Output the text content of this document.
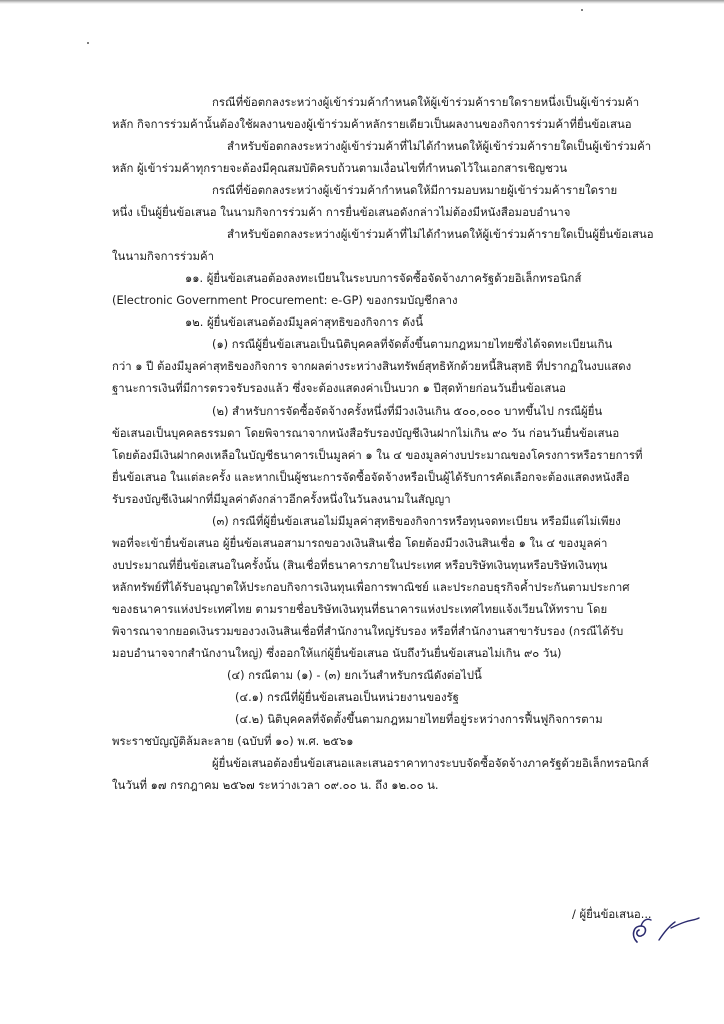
กรณีที่ข้อตกลงระหว่างผู้เข้าร่วมค้ากำหนดให้ผู้เข้าร่วมค้ารายใดรายหนึ่งเป็นผู้เข้าร่วมค้า
หลัก กิจการร่วมค้านั้นต้องใช้ผลงานของผู้เข้าร่วมค้าหลักรายเดียวเป็นผลงานของกิจการร่วมค้าที่ยื่นข้อเสนอ
สำหรับข้อตกลงระหว่างผู้เข้าร่วมค้าที่ไม่ได้กำหนดให้ผู้เข้าร่วมค้ารายใดเป็นผู้เข้าร่วมค้า
หลัก ผู้เข้าร่วมค้าทุกรายจะต้องมีคุณสมบัติครบถ้วนตามเงื่อนไขที่กำหนดไว้ในเอกสารเชิญชวน
กรณีที่ข้อตกลงระหว่างผู้เข้าร่วมค้ากำหนดให้มีการมอบหมายผู้เข้าร่วมค้ารายใดราย
หนึ่ง เป็นผู้ยื่นข้อเสนอ ในนามกิจการร่วมค้า การยื่นข้อเสนอดังกล่าวไม่ต้องมีหนังสือมอบอำนาจ
สำหรับข้อตกลงระหว่างผู้เข้าร่วมค้าที่ไม่ได้กำหนดให้ผู้เข้าร่วมค้ารายใดเป็นผู้ยื่นข้อเสนอ
ในนามกิจการร่วมค้า
๑๑. ผู้ยื่นข้อเสนอต้องลงทะเบียนในระบบการจัดซื้อจัดจ้างภาครัฐด้วยอิเล็กทรอนิกส์
(Electronic Government Procurement: e-GP) ของกรมบัญชีกลาง
๑๒. ผู้ยื่นข้อเสนอต้องมีมูลค่าสุทธิของกิจการ ดังนี้
(๑) กรณีผู้ยื่นข้อเสนอเป็นนิติบุคคลที่จัดตั้งขึ้นตามกฎหมายไทยซึ่งได้จดทะเบียนเกิน
กว่า ๑ ปี ต้องมีมูลค่าสุทธิของกิจการ จากผลต่างระหว่างสินทรัพย์สุทธิหักด้วยหนี้สินสุทธิ ที่ปรากฏในงบแสดง
ฐานะการเงินที่มีการตรวจรับรองแล้ว ซึ่งจะต้องแสดงค่าเป็นบวก ๑ ปีสุดท้ายก่อนวันยื่นข้อเสนอ
(๒) สำหรับการจัดซื้อจัดจ้างครั้งหนึ่งที่มีวงเงินเกิน ๕๐๐,๐๐๐ บาทขึ้นไป กรณีผู้ยื่น
ข้อเสนอเป็นบุคคลธรรมดา โดยพิจารณาจากหนังสือรับรองบัญชีเงินฝากไม่เกิน ๙๐ วัน ก่อนวันยื่นข้อเสนอ
โดยต้องมีเงินฝากคงเหลือในบัญชีธนาคารเป็นมูลค่า ๑ ใน ๔ ของมูลค่างบประมาณของโครงการหรือรายการที่
ยื่นข้อเสนอ ในแต่ละครั้ง และหากเป็นผู้ชนะการจัดซื้อจัดจ้างหรือเป็นผู้ได้รับการคัดเลือกจะต้องแสดงหนังสือ
รับรองบัญชีเงินฝากที่มีมูลค่าดังกล่าวอีกครั้งหนึ่งในวันลงนามในสัญญา
(๓) กรณีที่ผู้ยื่นข้อเสนอไม่มีมูลค่าสุทธิของกิจการหรือทุนจดทะเบียน หรือมีแต่ไม่เพียง
พอที่จะเข้ายื่นข้อเสนอ ผู้ยื่นข้อเสนอสามารถขอวงเงินสินเชื่อ โดยต้องมีวงเงินสินเชื่อ ๑ ใน ๔ ของมูลค่า
งบประมาณที่ยื่นข้อเสนอในครั้งนั้น (สินเชื่อที่ธนาคารภายในประเทศ หรือบริษัทเงินทุนหรือบริษัทเงินทุน
หลักทรัพย์ที่ได้รับอนุญาตให้ประกอบกิจการเงินทุนเพื่อการพาณิชย์ และประกอบธุรกิจค้ำประกันตามประกาศ
ของธนาคารแห่งประเทศไทย ตามรายชื่อบริษัทเงินทุนที่ธนาคารแห่งประเทศไทยแจ้งเวียนให้ทราบ โดย
พิจารณาจากยอดเงินรวมของวงเงินสินเชื่อที่สำนักงานใหญ่รับรอง หรือที่สำนักงานสาขารับรอง (กรณีได้รับ
มอบอำนาจจากสำนักงานใหญ่) ซึ่งออกให้แก่ผู้ยื่นข้อเสนอ นับถึงวันยื่นข้อเสนอไม่เกิน ๙๐ วัน)
(๔) กรณีตาม (๑) - (๓) ยกเว้นสำหรับกรณีดังต่อไปนี้
(๔.๑) กรณีที่ผู้ยื่นข้อเสนอเป็นหน่วยงานของรัฐ
(๔.๒) นิติบุคคลที่จัดตั้งขึ้นตามกฎหมายไทยที่อยู่ระหว่างการฟื้นฟูกิจการตาม
พระราชบัญญัติล้มละลาย (ฉบับที่ ๑๐) พ.ศ. ๒๕๖๑
ผู้ยื่นข้อเสนอต้องยื่นข้อเสนอและเสนอราคาทางระบบจัดซื้อจัดจ้างภาครัฐด้วยอิเล็กทรอนิกส์
ในวันที่ ๑๗ กรกฎาคม ๒๕๖๗ ระหว่างเวลา ๐๙.๐๐ น. ถึง ๑๒.๐๐ น.
/ ผู้ยื่นข้อเสนอ...
